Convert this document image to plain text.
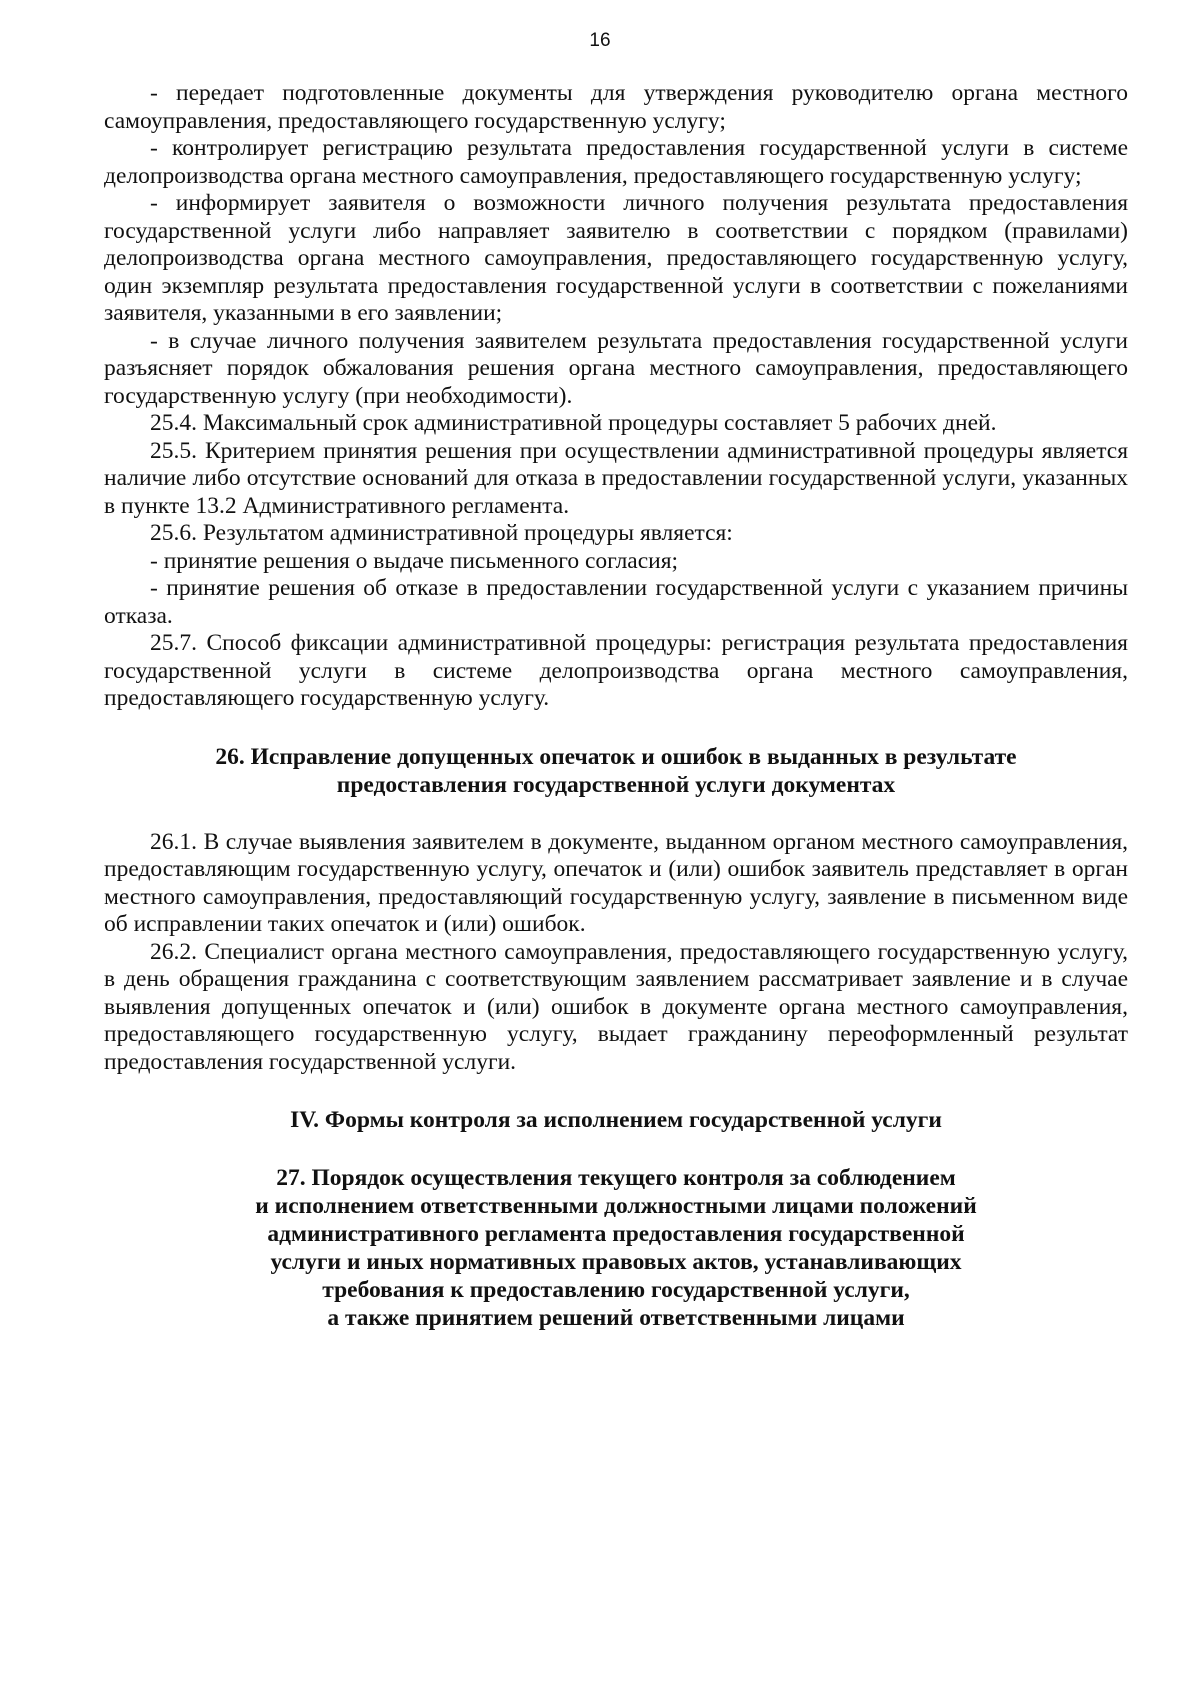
16

- передает подготовленные документы для утверждения руководителю органа местного самоуправления, предоставляющего государственную услугу;

- контролирует регистрацию результата предоставления государственной услуги в системе делопроизводства органа местного самоуправления, предоставляющего государственную услугу;

- информирует заявителя о возможности личного получения результата предоставления государственной услуги либо направляет заявителю в соответствии с порядком (правилами) делопроизводства органа местного самоуправления, предоставляющего государственную услугу, один экземпляр результата предоставления государственной услуги в соответствии с пожеланиями заявителя, указанными в его заявлении;

- в случае личного получения заявителем результата предоставления государственной услуги разъясняет порядок обжалования решения органа местного самоуправления, предоставляющего государственную услугу (при необходимости).

25.4. Максимальный срок административной процедуры составляет 5 рабочих дней.

25.5. Критерием принятия решения при осуществлении административной процедуры является наличие либо отсутствие оснований для отказа в предоставлении государственной услуги, указанных в пункте 13.2 Административного регламента.

25.6. Результатом административной процедуры является:

- принятие решения о выдаче письменного согласия;

- принятие решения об отказе в предоставлении государственной услуги с указанием причины отказа.

25.7. Способ фиксации административной процедуры: регистрация результата предоставления государственной услуги в системе делопроизводства органа местного самоуправления, предоставляющего государственную услугу.

26. Исправление допущенных опечаток и ошибок в выданных в результате
предоставления государственной услуги документах

26.1. В случае выявления заявителем в документе, выданном органом местного самоуправления, предоставляющим государственную услугу, опечаток и (или) ошибок заявитель представляет в орган местного самоуправления, предоставляющий государственную услугу, заявление в письменном виде об исправлении таких опечаток и (или) ошибок.

26.2. Специалист органа местного самоуправления, предоставляющего государственную услугу, в день обращения гражданина с соответствующим заявлением рассматривает заявление и в случае выявления допущенных опечаток и (или) ошибок в документе органа местного самоуправления, предоставляющего государственную услугу, выдает гражданину переоформленный результат предоставления государственной услуги.

IV. Формы контроля за исполнением государственной услуги
27. Порядок осуществления текущего контроля за соблюдением
и исполнением ответственными должностными лицами положений
административного регламента предоставления государственной
услуги и иных нормативных правовых актов, устанавливающих
требования к предоставлению государственной услуги,
а также принятием решений ответственными лицами
